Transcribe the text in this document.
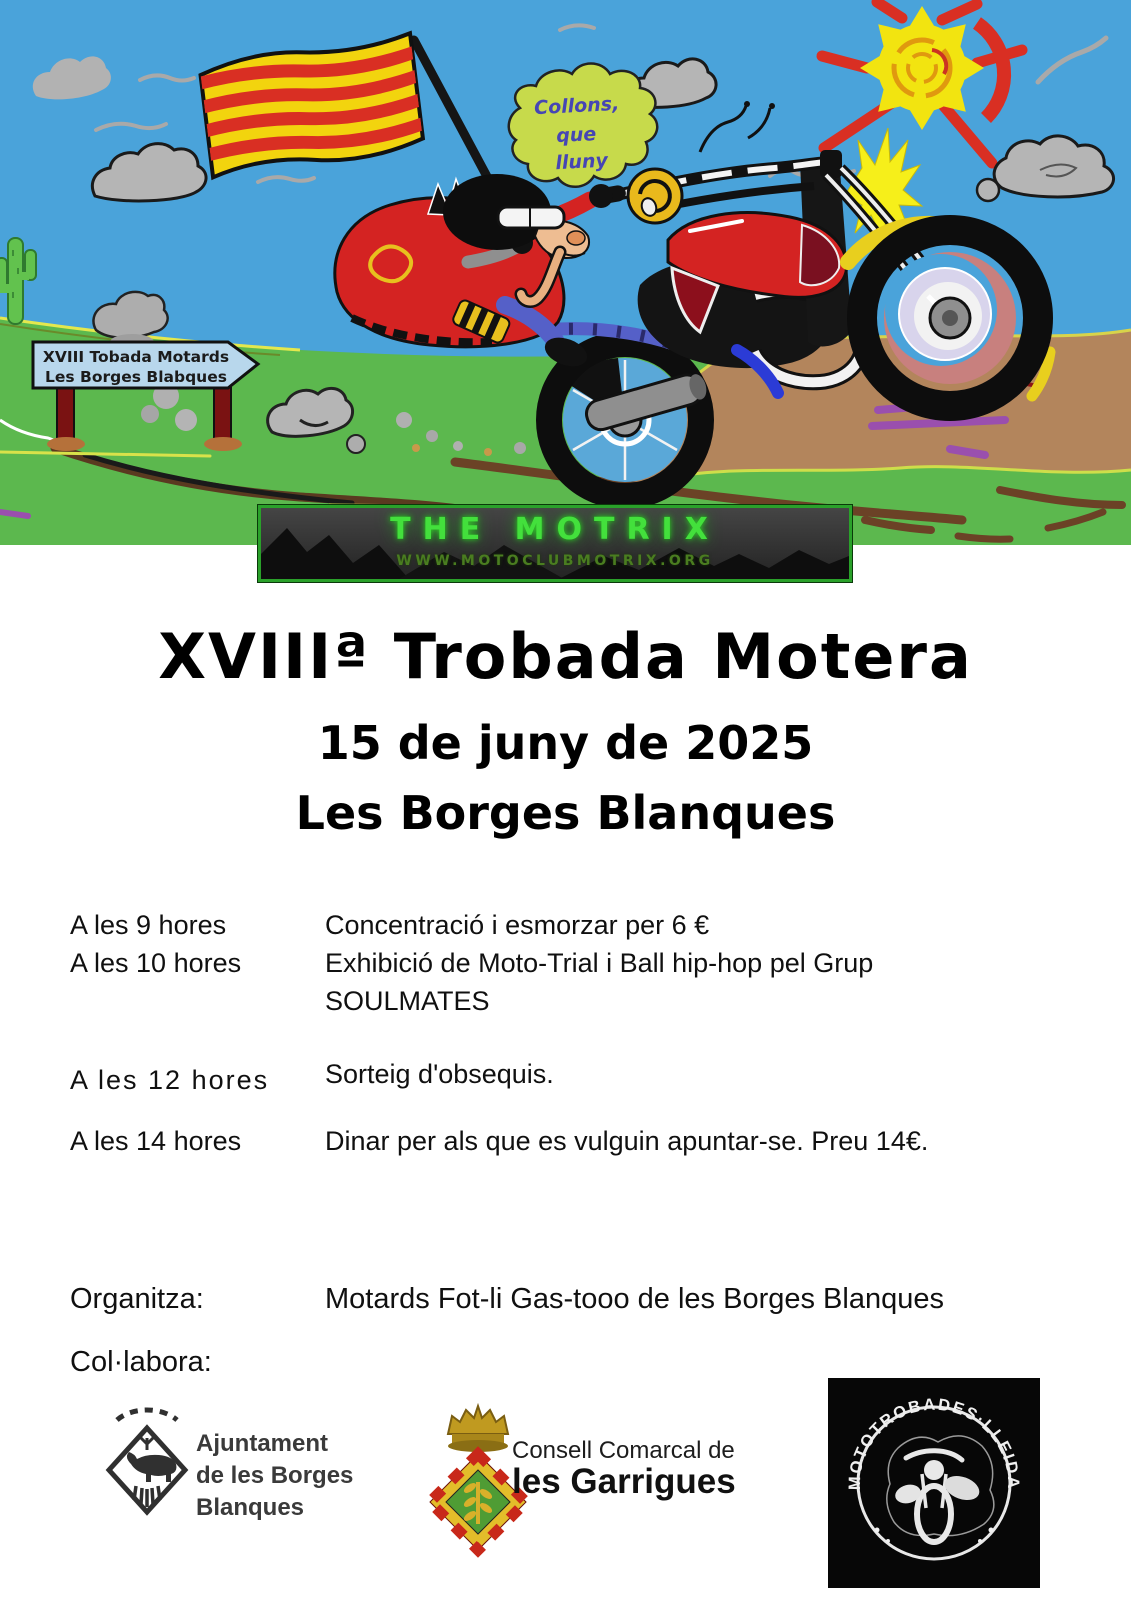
Collons,
que
lluny
XVIII Tobada Motards
Les Borges Blabques
THE MOTRIX
WWW.MOTOCLUBMOTRIX.ORG
XVIIIª Trobada Motera
15 de juny de 2025
Les Borges Blanques
A les 9 hores	Concentració i esmorzar per 6 €
A les 10 hores	Exhibició de Moto-Trial i Ball hip-hop pel Grup
SOULMATES
A les 12 hores Sorteig d'obsequis.
A les 14 hores	Dinar per als que es vulguin apuntar-se. Preu 14€.
Organitza:	Motards Fot-li Gas-tooo de les Borges Blanques
Col·labora:
Ajuntament
de les Borges
Blanques
Consell Comarcal de
les Garrigues	MOTOTROBADES·LLEIDA
